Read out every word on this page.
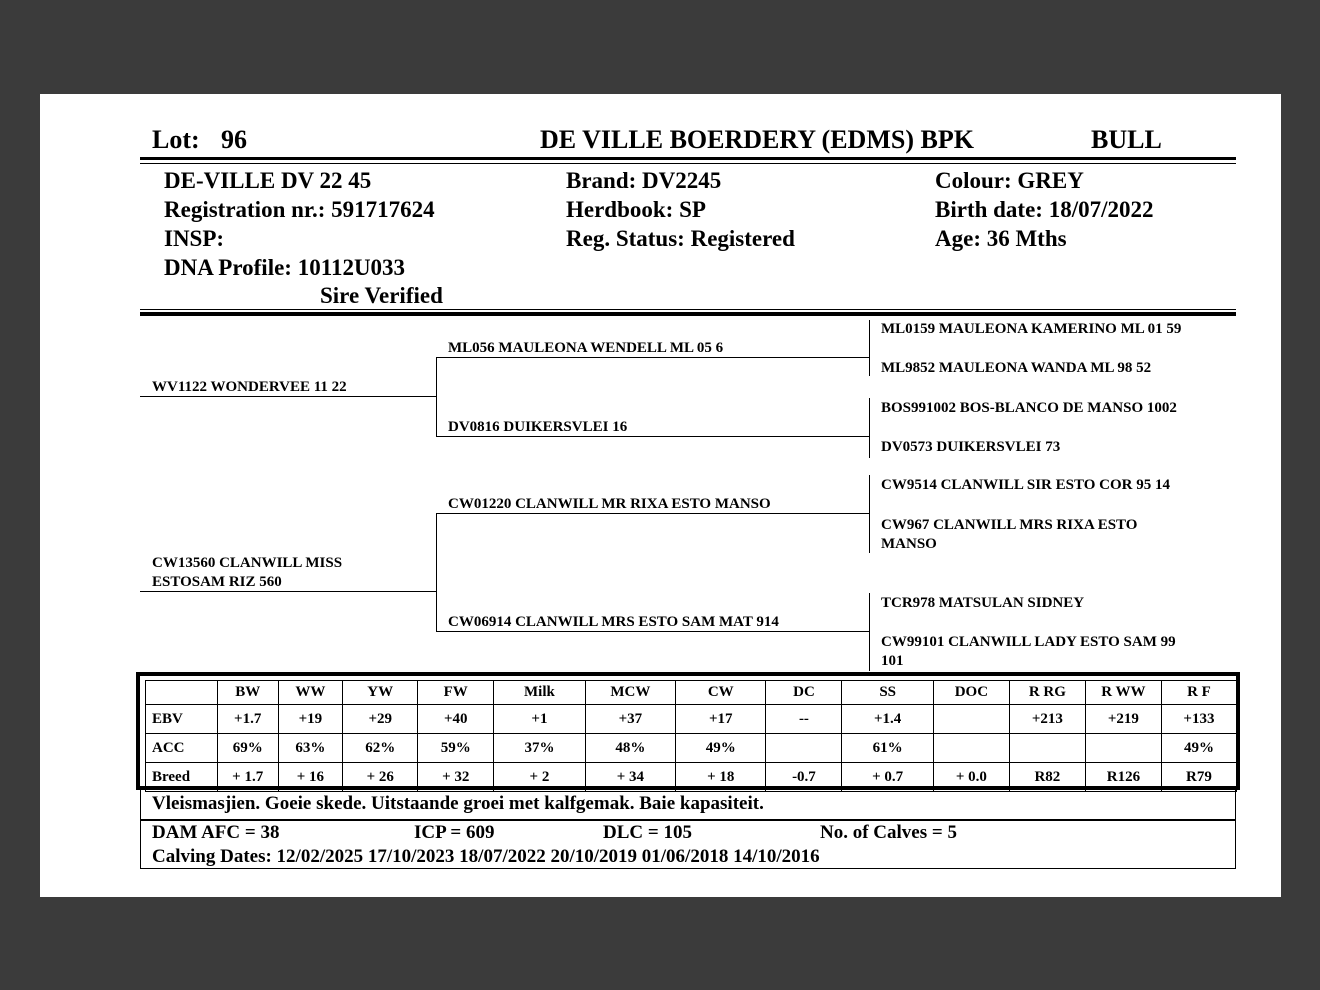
Lot: 96	DE VILLE BOERDERY (EDMS) BPK	BULL
DE-VILLE DV 22 45
Registration nr.: 591717624
INSP:
DNA Profile: 10112U033
Sire Verified
Brand: DV2245
Herdbook: SP
Reg. Status: Registered
Colour: GREY
Birth date: 18/07/2022
Age: 36 Mths
WV1122 WONDERVEE 11 22
CW13560 CLANWILL MISS
ESTOSAM RIZ 560
ML056 MAULEONA WENDELL ML 05 6
DV0816 DUIKERSVLEI 16
CW01220 CLANWILL MR RIXA ESTO MANSO
CW06914 CLANWILL MRS ESTO SAM MAT 914
ML0159 MAULEONA KAMERINO ML 01 59
ML9852 MAULEONA WANDA ML 98 52
BOS991002 BOS-BLANCO DE MANSO 1002
DV0573 DUIKERSVLEI 73
CW9514 CLANWILL SIR ESTO COR 95 14
CW967 CLANWILL MRS RIXA ESTO
MANSO
TCR978 MATSULAN SIDNEY
CW99101 CLANWILL LADY ESTO SAM 99
101
	BW	WW	YW	FW	Milk	MCW	CW	DC	SS	DOC	R RG	R WW	R F
EBV	+1.7	+19	+29	+40	+1	+37	+17	--	+1.4		+213	+219	+133
ACC	69%	63%	62%	59%	37%	48%	49%		61%				49%
Breed	+ 1.7	+ 16	+ 26	+ 32	+ 2	+ 34	+ 18	-0.7	+ 0.7	+ 0.0	R82	R126	R79
Vleismasjien. Goeie skede. Uitstaande groei met kalfgemak. Baie kapasiteit.
DAM AFC = 38	ICP = 609	DLC = 105	No. of Calves = 5
Calving Dates: 12/02/2025 17/10/2023 18/07/2022 20/10/2019 01/06/2018 14/10/2016
